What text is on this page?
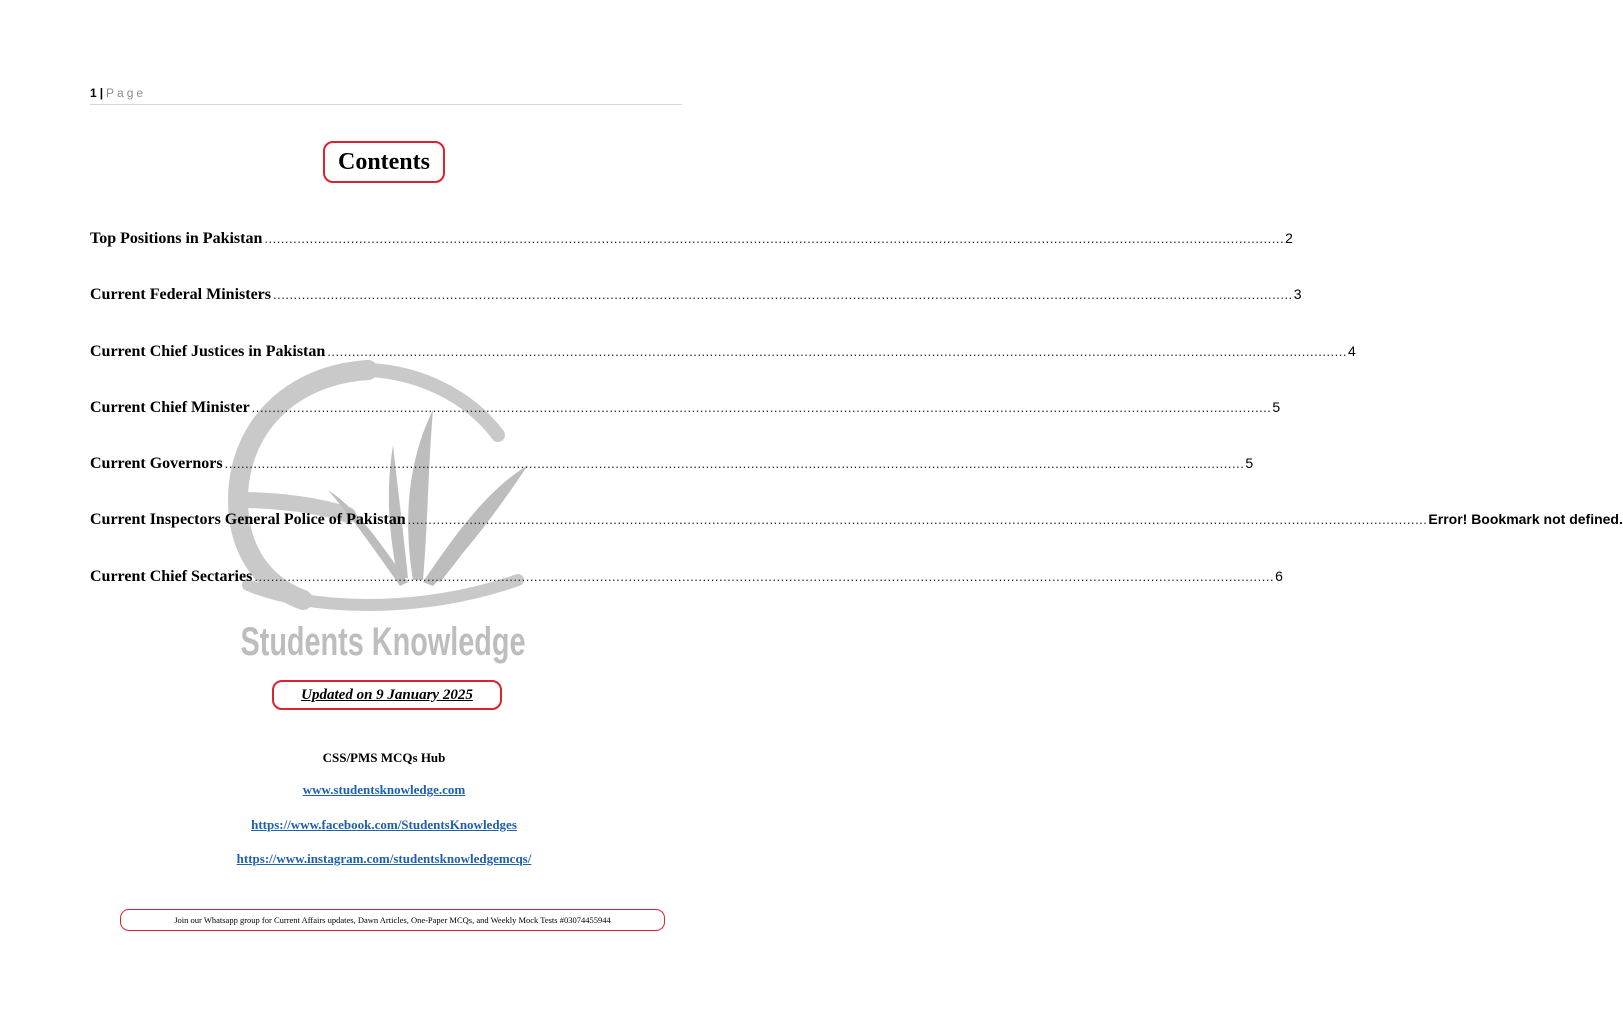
1 | Page
Students Knowledge
Contents
Top Positions in Pakistan .....	2
Current Federal Ministers .....	3
Current Chief Justices in Pakistan .....	4
Current Chief Minister .....	5
Current Governors .....	5
Current Inspectors General Police of Pakistan .....	Error! Bookmark not defined.
Current Chief Sectaries .....	6
Updated on 9 January 2025
CSS/PMS MCQs Hub
www.studentsknowledge.com
https://www.facebook.com/StudentsKnowledges
https://www.instagram.com/studentsknowledgemcqs/
Join our Whatsapp group for Current Affairs updates, Dawn Articles, One-Paper MCQs, and Weekly Mock Tests #03074455944
